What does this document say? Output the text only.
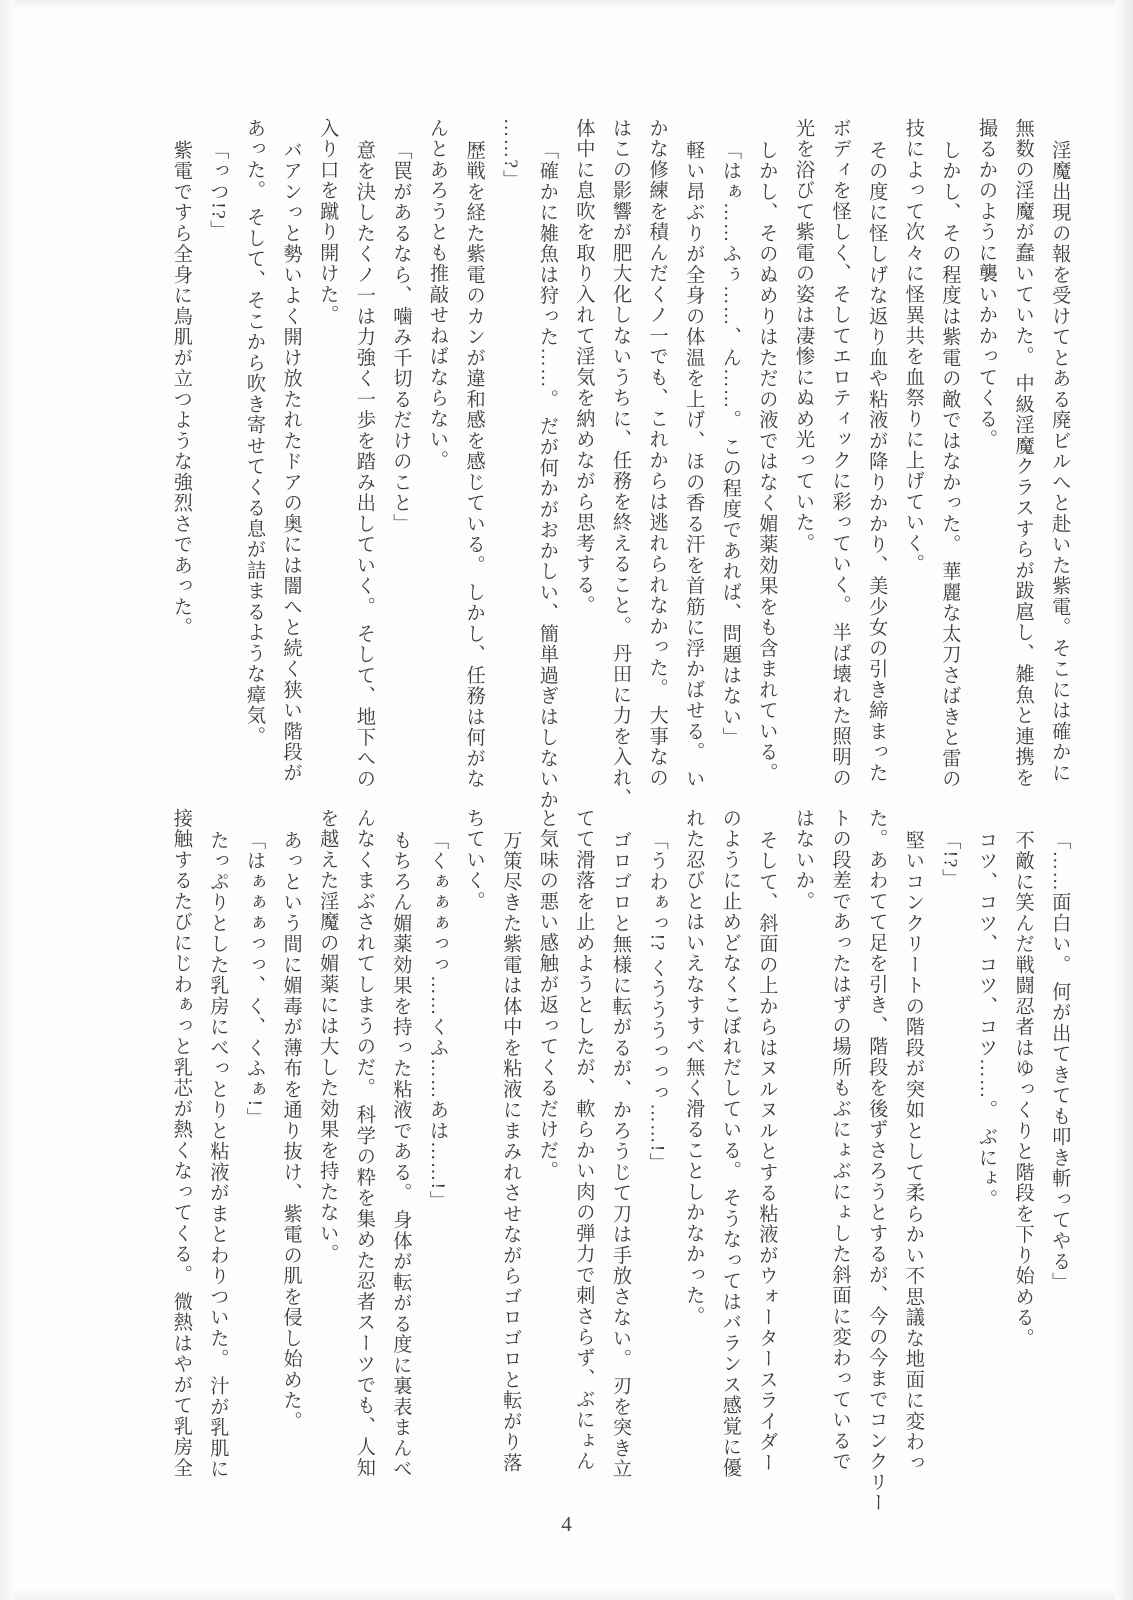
淫魔出現の報を受けてとある廃ビルへと赴いた紫電。そこには確かに
無数の淫魔が蠢いていた。 中級淫魔クラスすらが跋扈し、雑魚と連携を
撮るかのように襲いかかってくる。
しかし、その程度は紫電の敵ではなかった。 華麗な太刀さばきと雷の
技によって次々に怪異共を血祭りに上げていく。
その度に怪しげな返り血や粘液が降りかかり、美少女の引き締まった
ボディを怪しく、そしてエロティックに彩っていく。 半ば壊れた照明の
光を浴びて紫電の姿は凄惨にぬめ光っていた。
しかし、そのぬめりはただの液ではなく媚薬効果をも含まれている。
「はぁ……ふぅ……、ん……。 この程度であれば、問題はない」
軽い昂ぶりが全身の体温を上げ、ほの香る汗を首筋に浮かばせる。 い
かな修練を積んだくノ一でも、これからは逃れられなかった。 大事なの
はこの影響が肥大化しないうちに、任務を終えること。 丹田に力を入れ、
体中に息吹を取り入れて淫気を納めながら思考する。
「確かに雑魚は狩った……。 だが何かがおかしい、簡単過ぎはしないか
……?」
歴戦を経た紫電のカンが違和感を感じている。 しかし、任務は何がな
んとあろうとも推敲せねばならない。
「罠があるなら、噛み千切るだけのこと」
意を決したくノ一は力強く一歩を踏み出していく。 そして、地下への
入り口を蹴り開けた。
バアンっと勢いよく開け放たれたドアの奥には闇へと続く狭い階段が
あった。 そして、そこから吹き寄せてくる息が詰まるような瘴気。
「っつ!?」
紫電ですら全身に鳥肌が立つような強烈さであった。
「……面白い。 何が出てきても叩き斬ってやる」
不敵に笑んだ戦闘忍者はゆっくりと階段を下り始める。
コツ、コツ、コツ、コツ……。 ぶにょ。
「!?」
堅いコンクリートの階段が突如として柔らかい不思議な地面に変わっ
た。あわてて足を引き、階段を後ずさろうとするが、今の今までコンクリー
トの段差であったはずの場所もぶにょぶにょした斜面に変わっているで
はないか。
そして、斜面の上からはヌルヌルとする粘液がウォータースライダー
のように止めどなくこぼれだしている。 そうなってはバランス感覚に優
れた忍びとはいえなすすべ無く滑ることしかなかった。
「うわぁっ!? くうううっっっ……!」
ゴロゴロと無様に転がるが、かろうじて刀は手放さない。 刃を突き立
てて滑落を止めようとしたが、軟らかい肉の弾力で刺さらず、ぶにょん
と気味の悪い感触が返ってくるだけだ。
万策尽きた紫電は体中を粘液にまみれさせながらゴロゴロと転がり落
ちていく。
「くぁぁぁっっ……くふ……あは……!」
もちろん媚薬効果を持った粘液である。 身体が転がる度に裏表まんべ
んなくまぶされてしまうのだ。 科学の粋を集めた忍者スーツでも、人知
を越えた淫魔の媚薬には大した効果を持たない。
あっという間に媚毒が薄布を通り抜け、紫電の肌を侵し始めた。
「はぁぁぁっっ、く、くふぁ!」
たっぷりとした乳房にべっとりと粘液がまとわりついた。 汁が乳肌に
接触するたびにじわぁっと乳芯が熱くなってくる。 微熱はやがて乳房全
4
